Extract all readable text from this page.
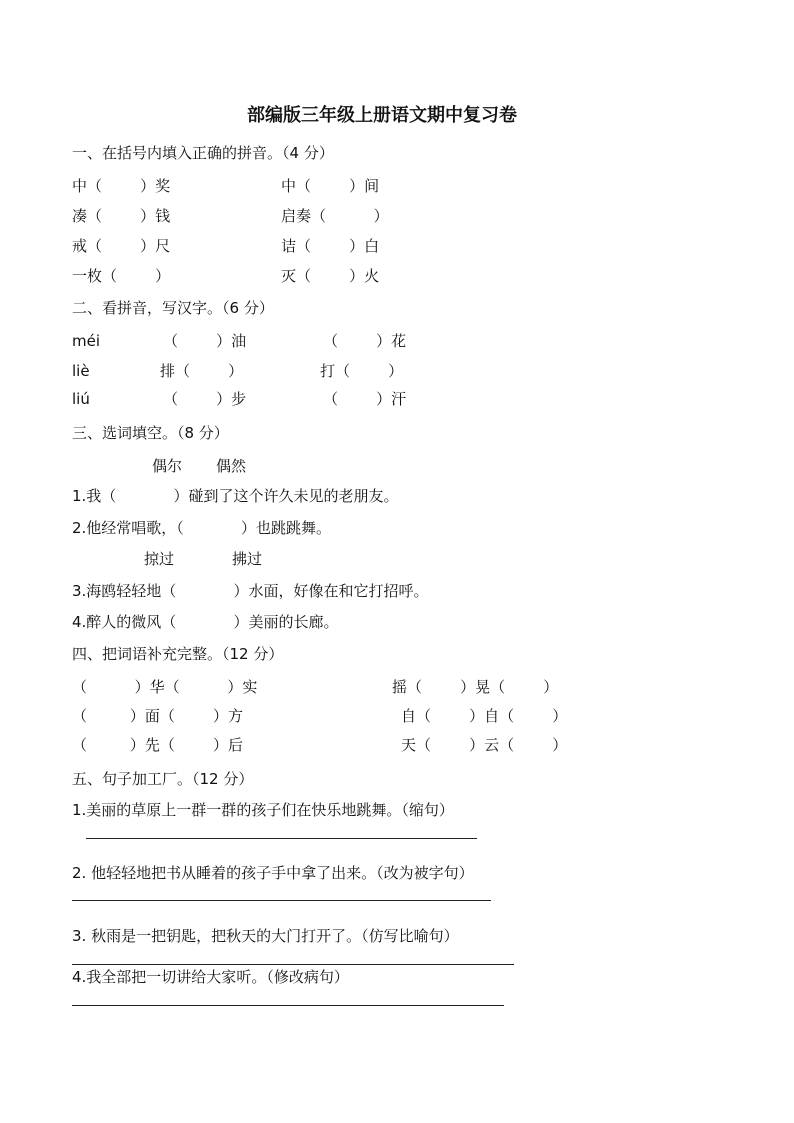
部编版三年级上册语文期中复习卷
一、在括号内填入正确的拼音。（4 分）
中（        ）奖	中（        ）间
凑（        ）钱	启奏（          ）
戒（        ）尺	诘（        ）白
一枚（        ）	灭（        ）火
二、看拼音，写汉字。（6 分）
méi	（        ）油	（        ）花
liè	排（        ）	打（        ）
liú	（        ）步	（        ）汗
三、选词填空。（8 分）
偶尔 偶然
1.我（            ）碰到了这个许久未见的老朋友。
2.他经常唱歌，（            ）也跳跳舞。
掠过	拂过
3.海鸥轻轻地（            ）水面，好像在和它打招呼。
4.醉人的微风（            ）美丽的长廊。
四、把词语补充完整。（12 分）
（          ）华（          ）实	摇（        ）晃（        ）
（         ）面（        ）方	自（        ）自（        ）
（         ）先（        ）后	天（        ）云（        ）
五、句子加工厂。（12 分）
1.美丽的草原上一群一群的孩子们在快乐地跳舞。（缩句）
2. 他轻轻地把书从睡着的孩子手中拿了出来。（改为被字句）
3. 秋雨是一把钥匙，把秋天的大门打开了。（仿写比喻句）
4.我全部把一切讲给大家听。（修改病句）
